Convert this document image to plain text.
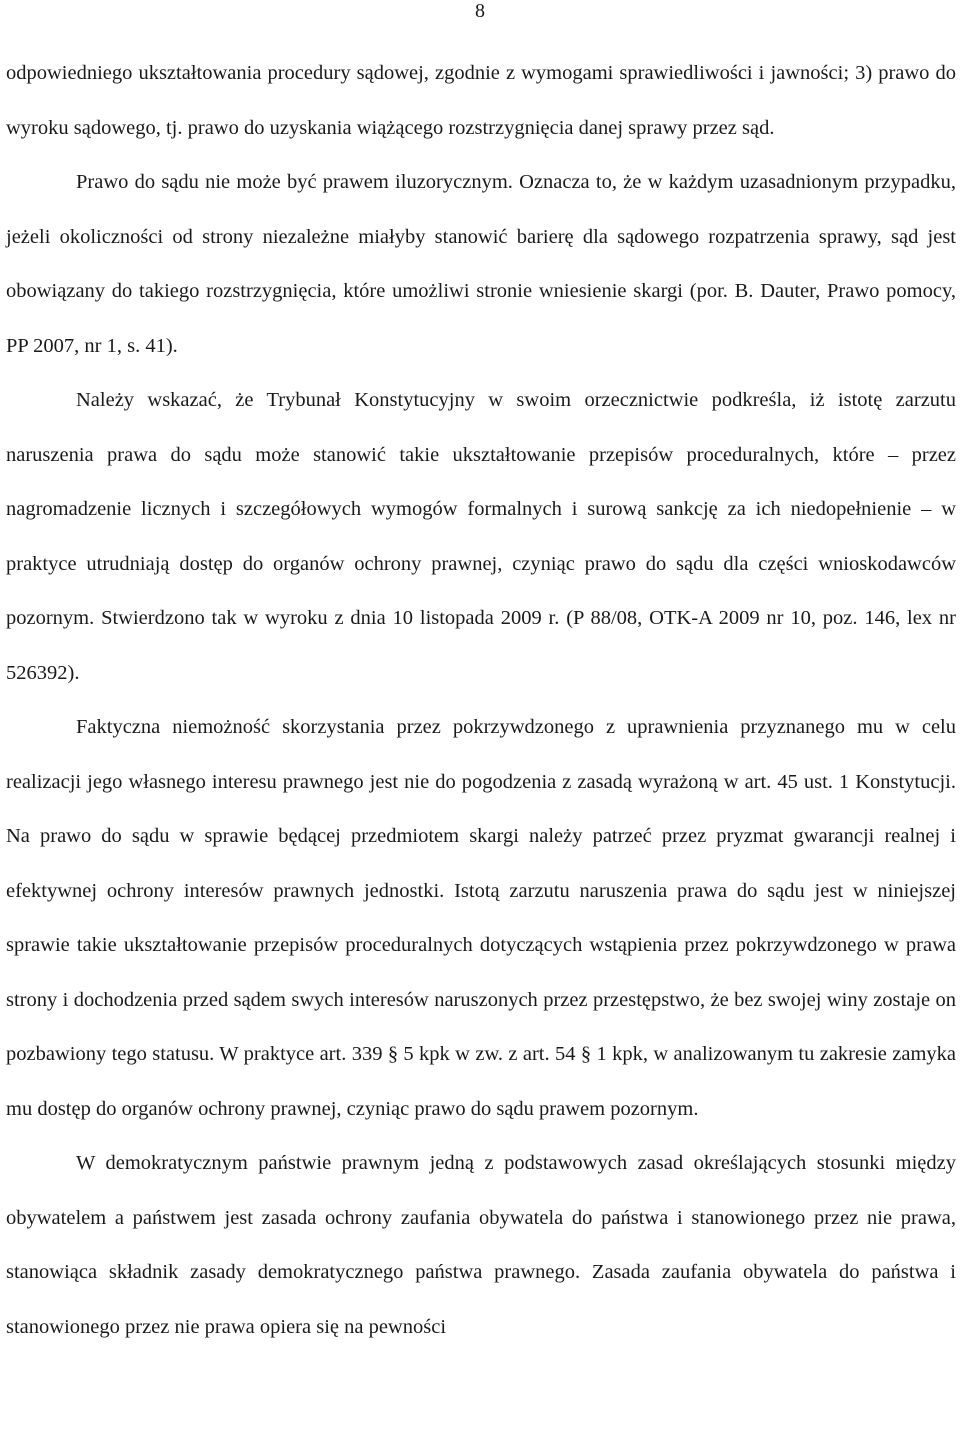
8

odpowiedniego ukształtowania procedury sądowej, zgodnie z wymogami sprawiedliwości i jawności; 3) prawo do wyroku sądowego, tj. prawo do uzyskania wiążącego rozstrzygnięcia danej sprawy przez sąd.

Prawo do sądu nie może być prawem iluzorycznym. Oznacza to, że w każdym uzasadnionym przypadku, jeżeli okoliczności od strony niezależne miałyby stanowić barierę dla sądowego rozpatrzenia sprawy, sąd jest obowiązany do takiego rozstrzygnięcia, które umożliwi stronie wniesienie skargi (por. B. Dauter, Prawo pomocy, PP 2007, nr 1, s. 41).

Należy wskazać, że Trybunał Konstytucyjny w swoim orzecznictwie podkreśla, iż istotę zarzutu naruszenia prawa do sądu może stanowić takie ukształtowanie przepisów proceduralnych, które – przez nagromadzenie licznych i szczegółowych wymogów formalnych i surową sankcję za ich niedopełnienie – w praktyce utrudniają dostęp do organów ochrony prawnej, czyniąc prawo do sądu dla części wnioskodawców pozornym. Stwierdzono tak w wyroku z dnia 10 listopada 2009 r. (P 88/08, OTK-A 2009 nr 10, poz. 146, lex nr 526392).

Faktyczna niemożność skorzystania przez pokrzywdzonego z uprawnienia przyznanego mu w celu realizacji jego własnego interesu prawnego jest nie do pogodzenia z zasadą wyrażoną w art. 45 ust. 1 Konstytucji. Na prawo do sądu w sprawie będącej przedmiotem skargi należy patrzeć przez pryzmat gwarancji realnej i efektywnej ochrony interesów prawnych jednostki. Istotą zarzutu naruszenia prawa do sądu jest w niniejszej sprawie takie ukształtowanie przepisów proceduralnych dotyczących wstąpienia przez pokrzywdzonego w prawa strony i dochodzenia przed sądem swych interesów naruszonych przez przestępstwo, że bez swojej winy zostaje on pozbawiony tego statusu. W praktyce art. 339 § 5 kpk w zw. z art. 54 § 1 kpk, w analizowanym tu zakresie zamyka mu dostęp do organów ochrony prawnej, czyniąc prawo do sądu prawem pozornym.

W demokratycznym państwie prawnym jedną z podstawowych zasad określających stosunki między obywatelem a państwem jest zasada ochrony zaufania obywatela do państwa i stanowionego przez nie prawa, stanowiąca składnik zasady demokratycznego państwa prawnego. Zasada zaufania obywatela do państwa i stanowionego przez nie prawa opiera się na pewności
